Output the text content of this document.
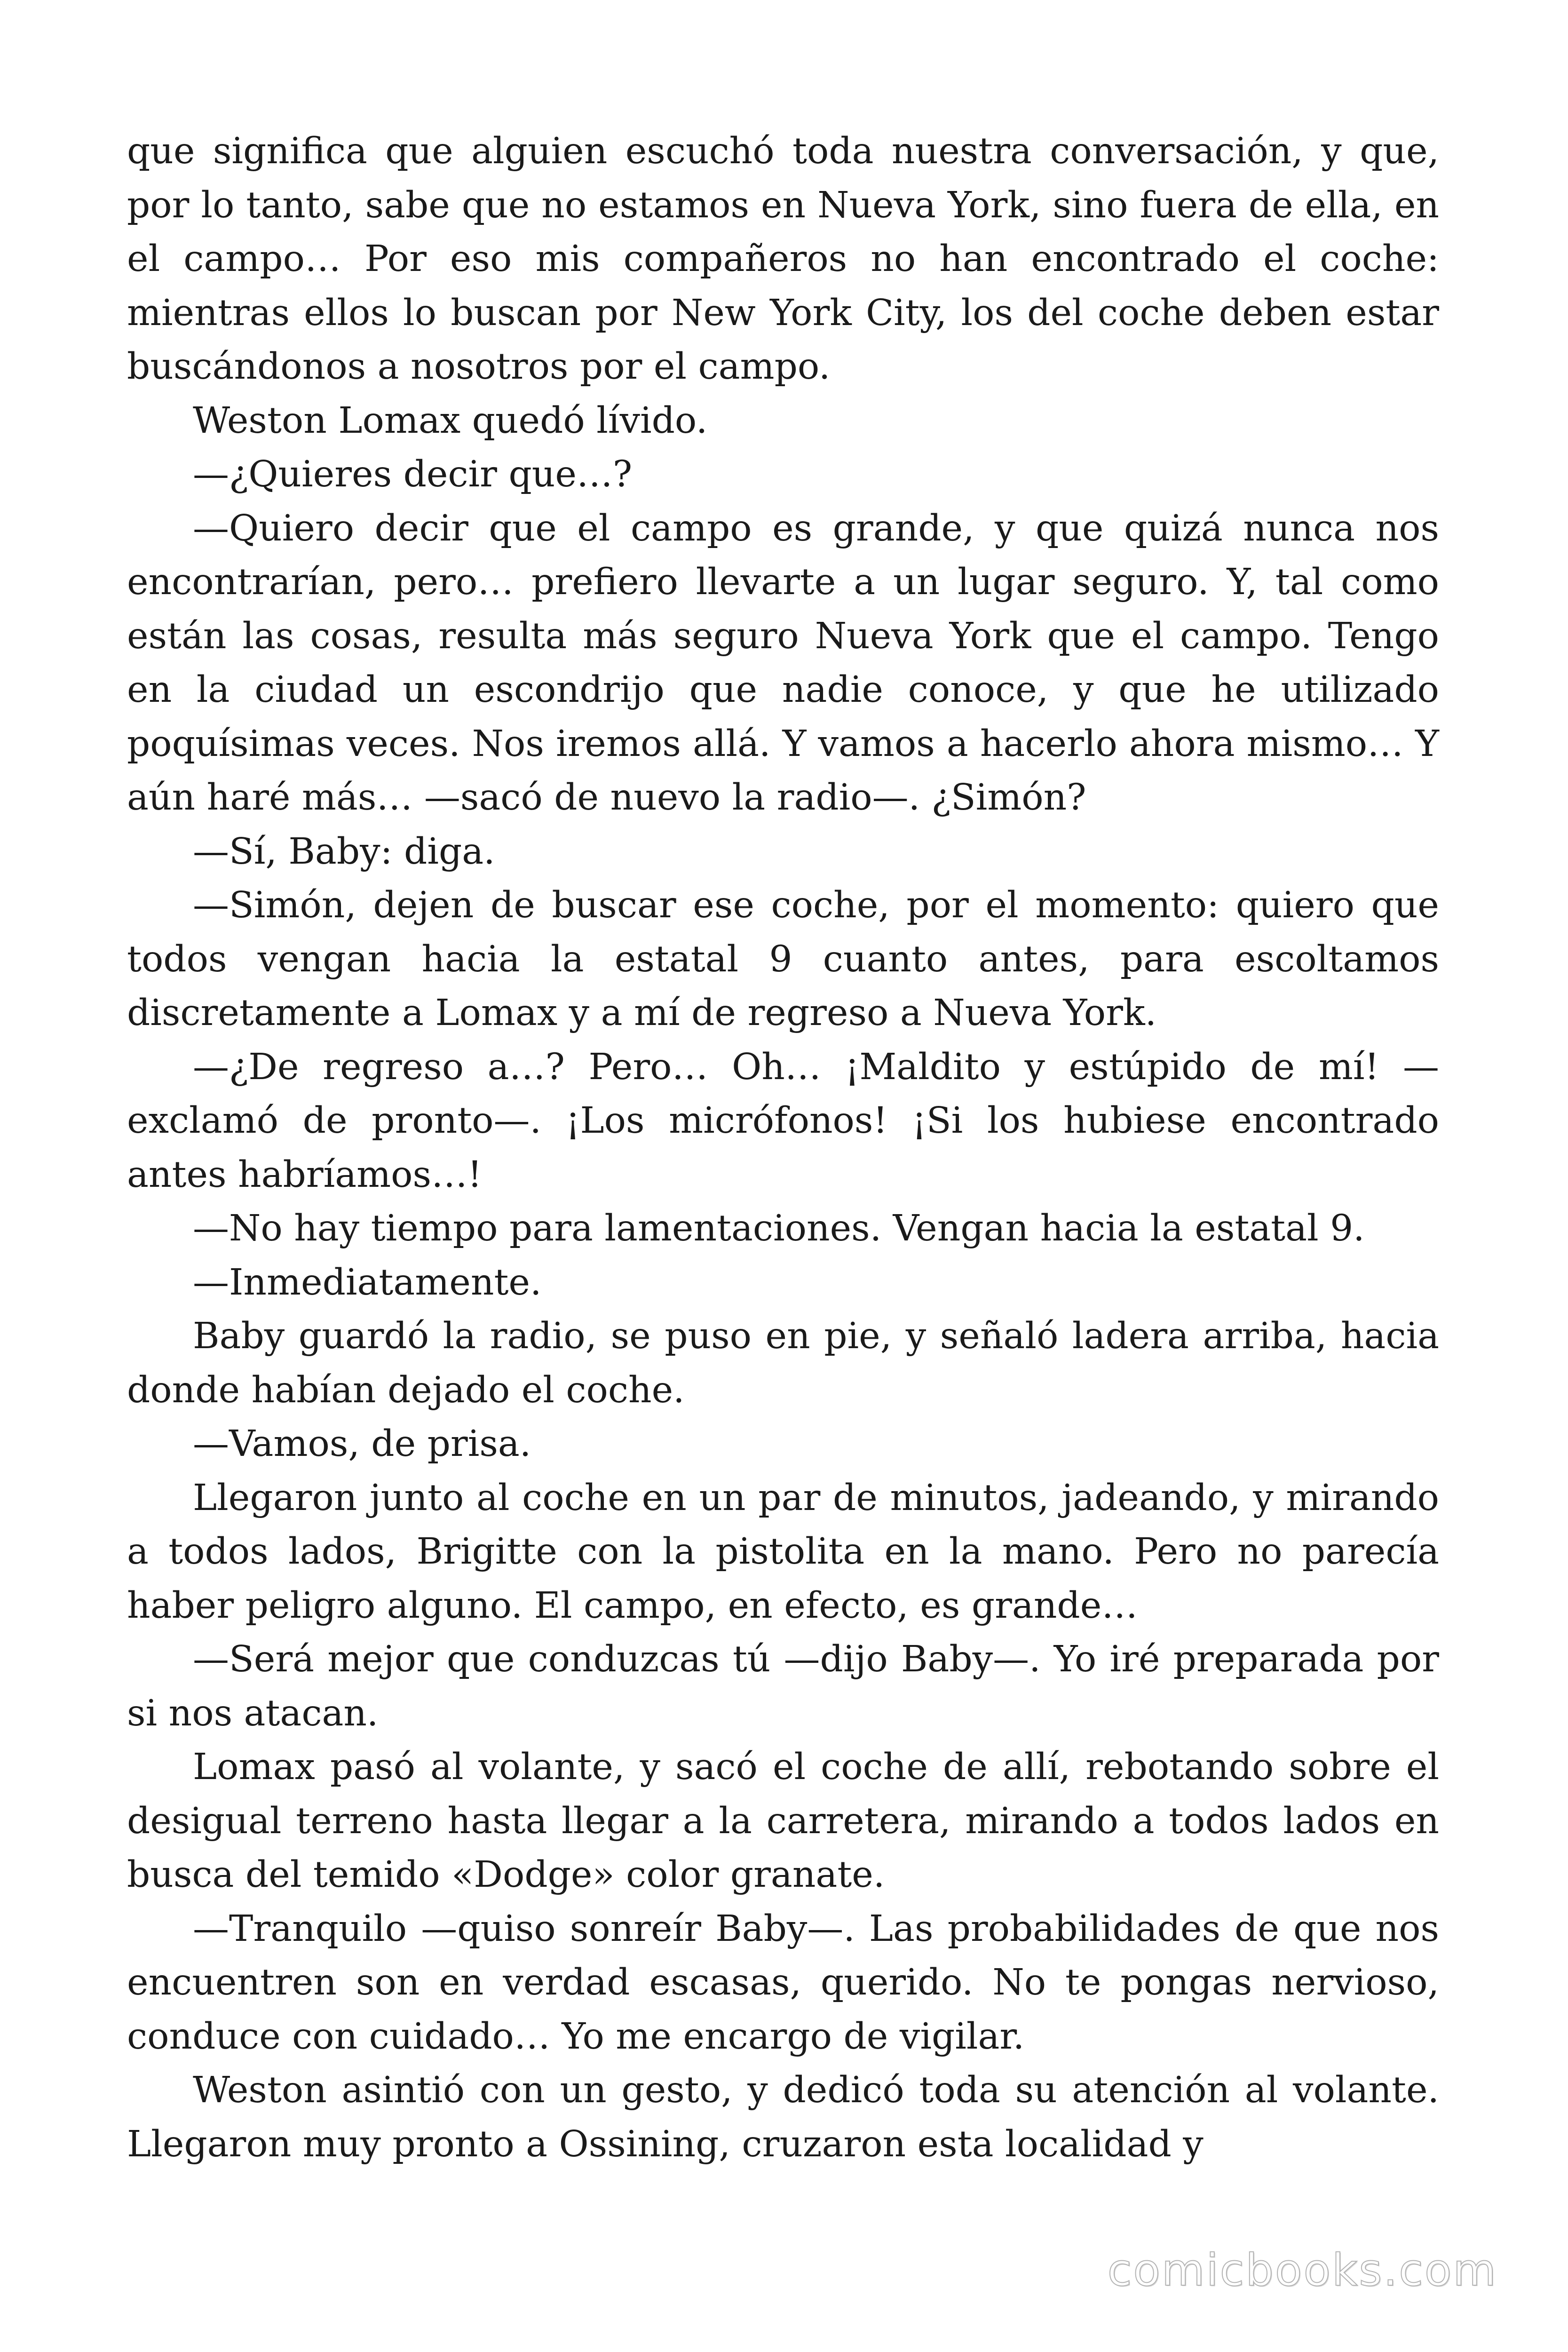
que significa que alguien escuchó toda nuestra conversación, y que, por lo tanto, sabe que no estamos en Nueva York, sino fuera de ella, en el campo… Por eso mis compañeros no han encontrado el coche: mientras ellos lo buscan por New York City, los del coche deben estar buscándonos a nosotros por el campo.

Weston Lomax quedó lívido.

—¿Quieres decir que…?

—Quiero decir que el campo es grande, y que quizá nunca nos encontrarían, pero… prefiero llevarte a un lugar seguro. Y, tal como están las cosas, resulta más seguro Nueva York que el campo. Tengo en la ciudad un escondrijo que nadie conoce, y que he utilizado poquísimas veces. Nos iremos allá. Y vamos a hacerlo ahora mismo… Y aún haré más… —sacó de nuevo la radio—. ¿Simón?

—Sí, Baby: diga.

—Simón, dejen de buscar ese coche, por el momento: quiero que todos vengan hacia la estatal 9 cuanto antes, para escoltamos discretamente a Lomax y a mí de regreso a Nueva York.

—¿De regreso a…? Pero… Oh… ¡Maldito y estúpido de mí! —exclamó de pronto—. ¡Los micrófonos! ¡Si los hubiese encontrado antes habríamos…!

—No hay tiempo para lamentaciones. Vengan hacia la estatal 9.

—Inmediatamente.

Baby guardó la radio, se puso en pie, y señaló ladera arriba, hacia donde habían dejado el coche.

—Vamos, de prisa.

Llegaron junto al coche en un par de minutos, jadeando, y mirando a todos lados, Brigitte con la pistolita en la mano. Pero no parecía haber peligro alguno. El campo, en efecto, es grande…

—Será mejor que conduzcas tú —dijo Baby—. Yo iré preparada por si nos atacan.

Lomax pasó al volante, y sacó el coche de allí, rebotando sobre el desigual terreno hasta llegar a la carretera, mirando a todos lados en busca del temido «Dodge» color granate.

—Tranquilo —quiso sonreír Baby—. Las probabilidades de que nos encuentren son en verdad escasas, querido. No te pongas nervioso, conduce con cuidado… Yo me encargo de vigilar.

Weston asintió con un gesto, y dedicó toda su atención al volante. Llegaron muy pronto a Ossining, cruzaron esta localidad y

comicbooks.com
